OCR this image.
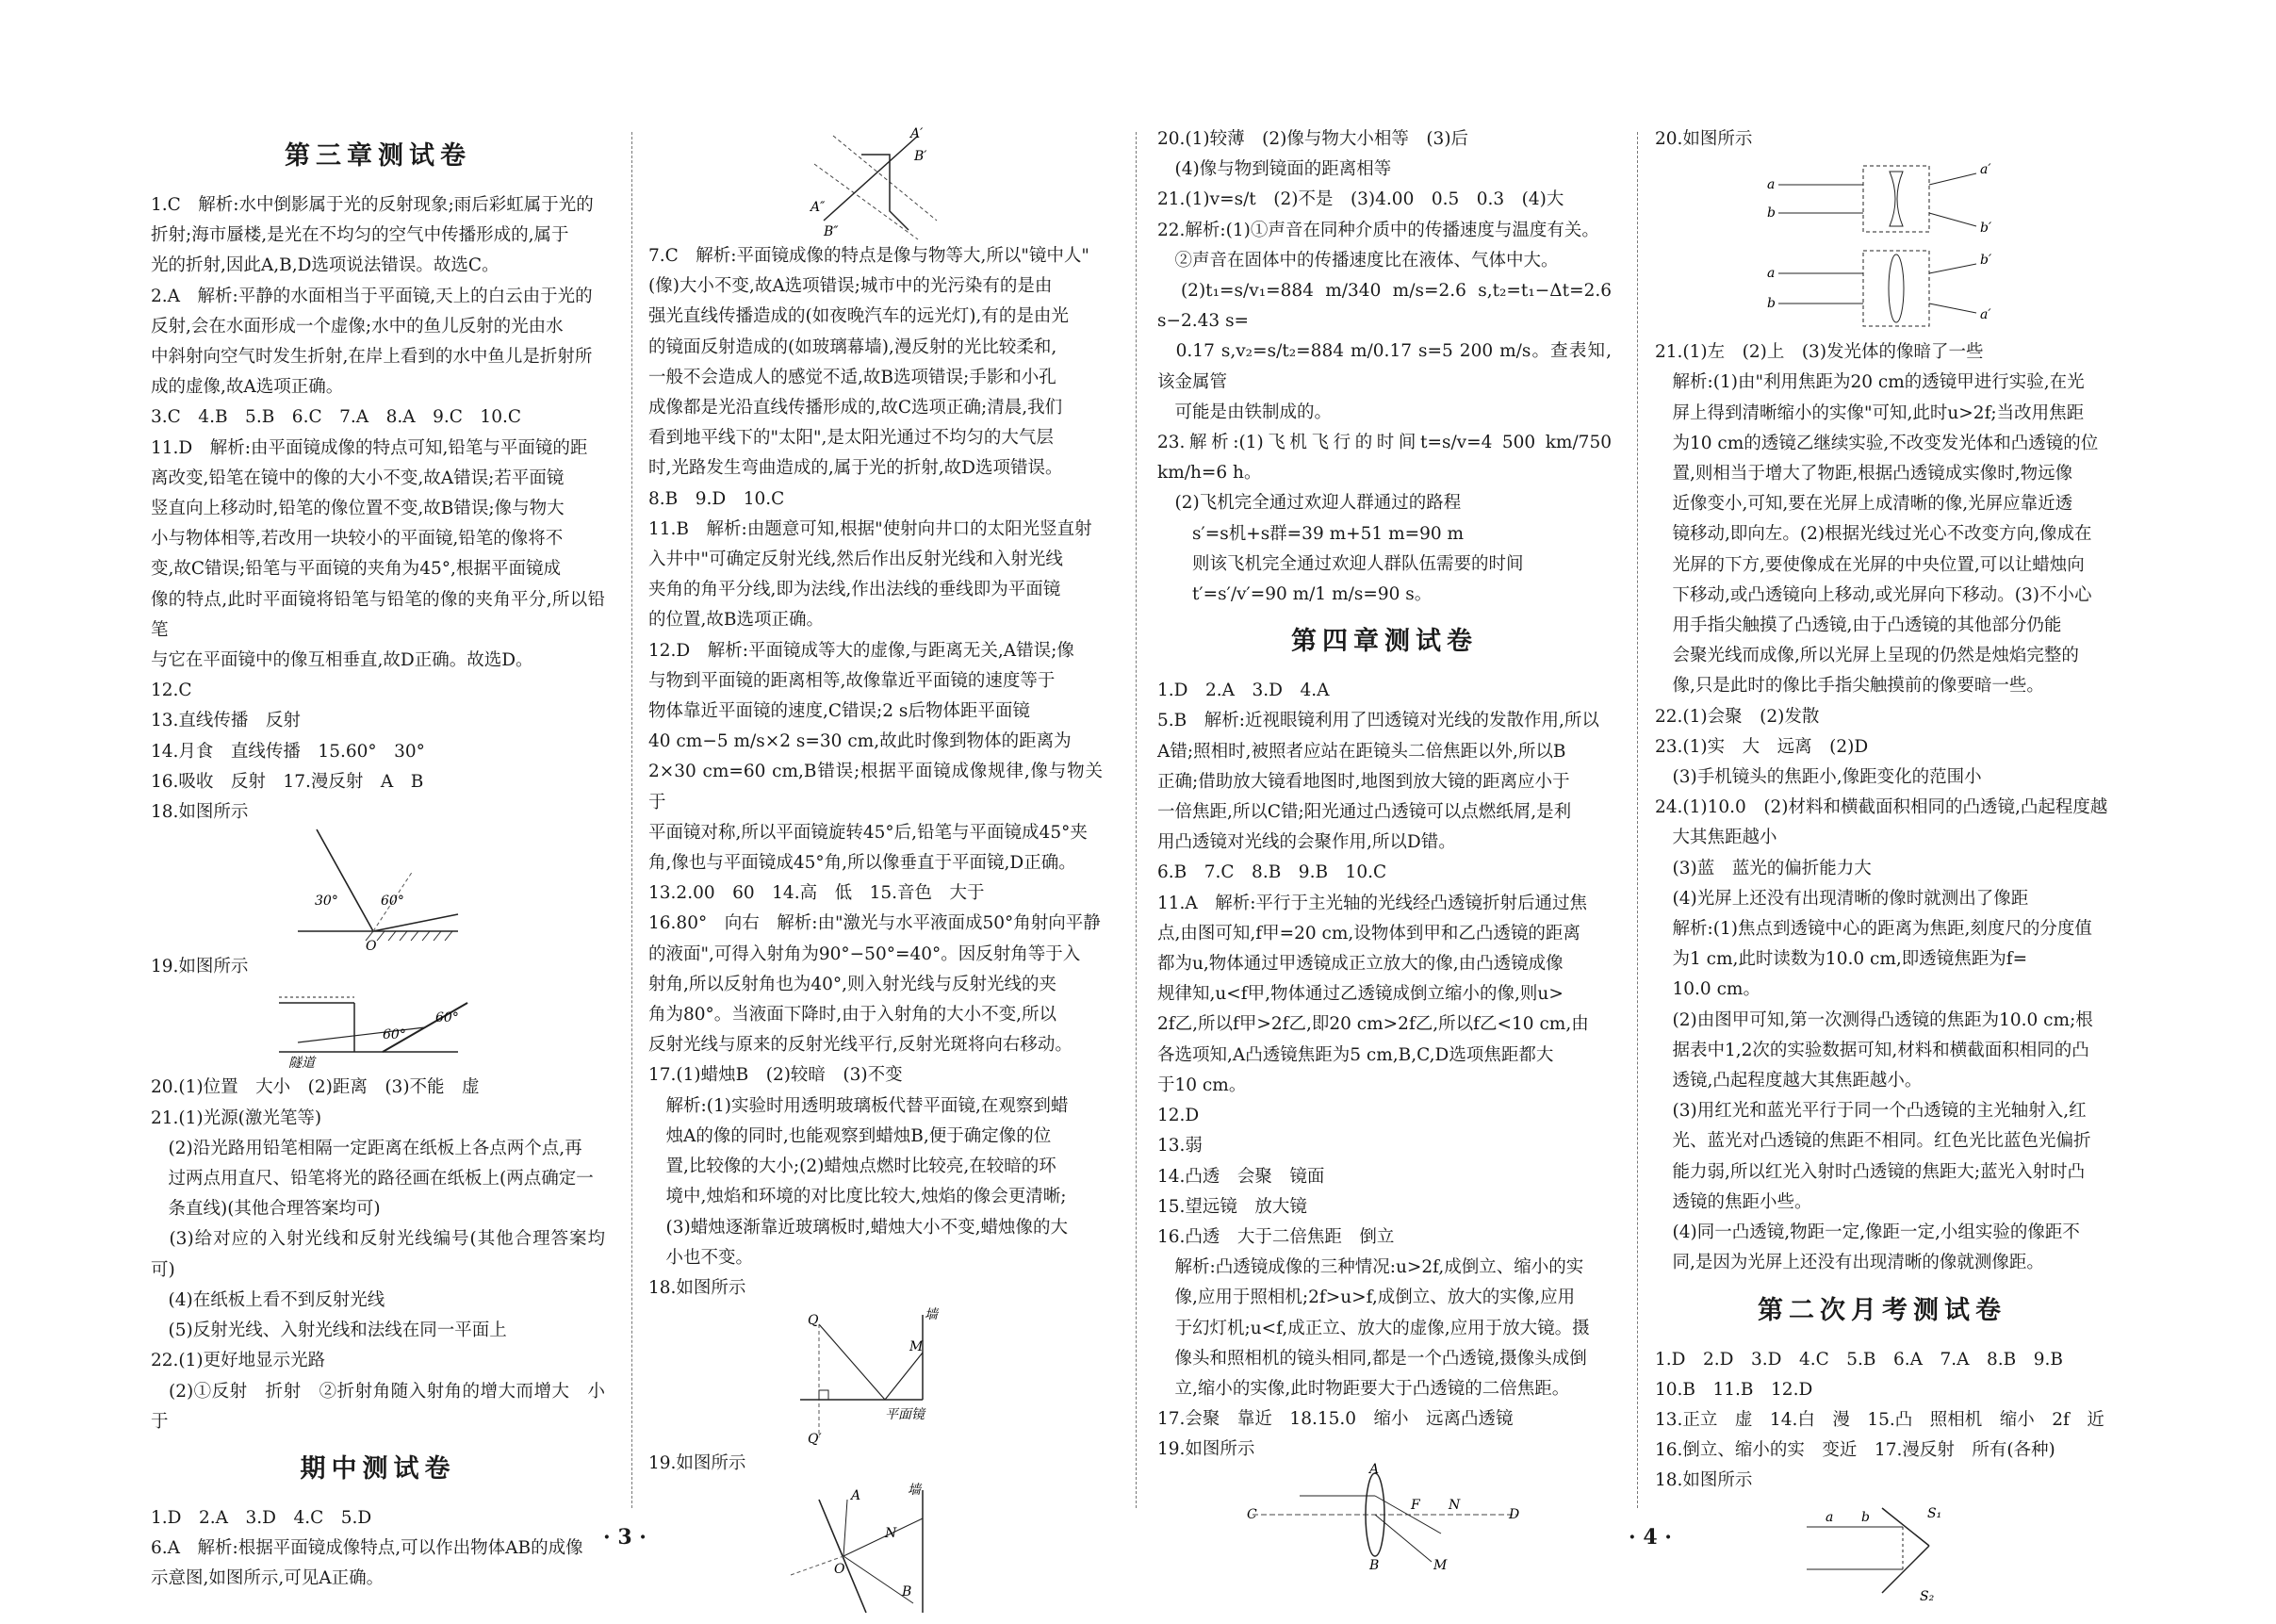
第三章测试卷
1.C　解析:水中倒影属于光的反射现象;雨后彩虹属于光的
折射;海市蜃楼,是光在不均匀的空气中传播形成的,属于
光的折射,因此A,B,D选项说法错误。故选C。
2.A　解析:平静的水面相当于平面镜,天上的白云由于光的
反射,会在水面形成一个虚像;水中的鱼儿反射的光由水
中斜射向空气时发生折射,在岸上看到的水中鱼儿是折射所
成的虚像,故A选项正确。
3.C　4.B　5.B　6.C　7.A　8.A　9.C　10.C
11.D　解析:由平面镜成像的特点可知,铅笔与平面镜的距
离改变,铅笔在镜中的像的大小不变,故A错误;若平面镜
竖直向上移动时,铅笔的像位置不变,故B错误;像与物大
小与物体相等,若改用一块较小的平面镜,铅笔的像将不
变,故C错误;铅笔与平面镜的夹角为45°,根据平面镜成
像的特点,此时平面镜将铅笔与铅笔的像的夹角平分,所以铅笔
与它在平面镜中的像互相垂直,故D正确。故选D。
12.C
13.直线传播　反射
14.月食　直线传播　15.60°　30°
16.吸收　反射　17.漫反射　A　B
18.如图所示
30°	60°
O
19.如图所示
60°
60°
隧道
20.(1)位置　大小　(2)距离　(3)不能　虚
21.(1)光源(激光笔等)
　(2)沿光路用铅笔相隔一定距离在纸板上各点两个点,再
　过两点用直尺、铅笔将光的路径画在纸板上(两点确定一
　条直线)(其他合理答案均可)
　(3)给对应的入射光线和反射光线编号(其他合理答案均可)
　(4)在纸板上看不到反射光线
　(5)反射光线、入射光线和法线在同一平面上
22.(1)更好地显示光路
　(2)①反射　折射　②折射角随入射角的增大而增大　小于
期中测试卷
1.D　2.A　3.D　4.C　5.D
6.A　解析:根据平面镜成像特点,可以作出物体AB的成像
示意图,如图所示,可见A正确。
A′
B′
A″
B″
7.C　解析:平面镜成像的特点是像与物等大,所以"镜中人"
(像)大小不变,故A选项错误;城市中的光污染有的是由
强光直线传播造成的(如夜晚汽车的远光灯),有的是由光
的镜面反射造成的(如玻璃幕墙),漫反射的光比较柔和,
一般不会造成人的感觉不适,故B选项错误;手影和小孔
成像都是光沿直线传播形成的,故C选项正确;清晨,我们
看到地平线下的"太阳",是太阳光通过不均匀的大气层
时,光路发生弯曲造成的,属于光的折射,故D选项错误。
8.B　9.D　10.C
11.B　解析:由题意可知,根据"使射向井口的太阳光竖直射
入井中"可确定反射光线,然后作出反射光线和入射光线
夹角的角平分线,即为法线,作出法线的垂线即为平面镜
的位置,故B选项正确。
12.D　解析:平面镜成等大的虚像,与距离无关,A错误;像
与物到平面镜的距离相等,故像靠近平面镜的速度等于
物体靠近平面镜的速度,C错误;2 s后物体距平面镜
40 cm−5 m/s×2 s=30 cm,故此时像到物体的距离为
2×30 cm=60 cm,B错误;根据平面镜成像规律,像与物关于
平面镜对称,所以平面镜旋转45°后,铅笔与平面镜成45°夹
角,像也与平面镜成45°角,所以像垂直于平面镜,D正确。
13.2.00　60　14.高　低　15.音色　大于
16.80°　向右　解析:由"激光与水平液面成50°角射向平静
的液面",可得入射角为90°−50°=40°。因反射角等于入
射角,所以反射角也为40°,则入射光线与反射光线的夹
角为80°。当液面下降时,由于入射角的大小不变,所以
反射光线与原来的反射光线平行,反射光斑将向右移动。
17.(1)蜡烛B　(2)较暗　(3)不变
　解析:(1)实验时用透明玻璃板代替平面镜,在观察到蜡
　烛A的像的同时,也能观察到蜡烛B,便于确定像的位
　置,比较像的大小;(2)蜡烛点燃时比较亮,在较暗的环
　境中,烛焰和环境的对比度比较大,烛焰的像会更清晰;
　(3)蜡烛逐渐靠近玻璃板时,蜡烛大小不变,蜡烛像的大
　小也不变。
18.如图所示
Q
Q′
M
墙
平面镜
19.如图所示
A
N
O
B
墙
20.(1)较薄　(2)像与物大小相等　(3)后
　(4)像与物到镜面的距离相等
21.(1)v=s/t　(2)不是　(3)4.00　0.5　0.3　(4)大
22.解析:(1)①声音在同种介质中的传播速度与温度有关。
　②声音在固体中的传播速度比在液体、气体中大。
　(2)t₁=s/v₁=884 m/340 m/s=2.6 s,t₂=t₁−Δt=2.6 s−2.43 s=
　0.17 s,v₂=s/t₂=884 m/0.17 s=5 200 m/s。查表知,该金属管
　可能是由铁制成的。
23.解析:(1)飞机飞行的时间t=s/v=4 500 km/750 km/h=6 h。
　(2)飞机完全通过欢迎人群通过的路程
　　s′=s机+s群=39 m+51 m=90 m
　　则该飞机完全通过欢迎人群队伍需要的时间
　　t′=s′/v′=90 m/1 m/s=90 s。
第四章测试卷
1.D　2.A　3.D　4.A
5.B　解析:近视眼镜利用了凹透镜对光线的发散作用,所以
A错;照相时,被照者应站在距镜头二倍焦距以外,所以B
正确;借助放大镜看地图时,地图到放大镜的距离应小于
一倍焦距,所以C错;阳光通过凸透镜可以点燃纸屑,是利
用凸透镜对光线的会聚作用,所以D错。
6.B　7.C　8.B　9.B　10.C
11.A　解析:平行于主光轴的光线经凸透镜折射后通过焦
点,由图可知,f甲=20 cm,设物体到甲和乙凸透镜的距离
都为u,物体通过甲透镜成正立放大的像,由凸透镜成像
规律知,u<f甲,物体通过乙透镜成倒立缩小的像,则u>
2f乙,所以f甲>2f乙,即20 cm>2f乙,所以f乙<10 cm,由
各选项知,A凸透镜焦距为5 cm,B,C,D选项焦距都大
于10 cm。
12.D
13.弱
14.凸透　会聚　镜面
15.望远镜　放大镜
16.凸透　大于二倍焦距　倒立
　解析:凸透镜成像的三种情况:u>2f,成倒立、缩小的实
　像,应用于照相机;2f>u>f,成倒立、放大的实像,应用
　于幻灯机;u<f,成正立、放大的虚像,应用于放大镜。摄
　像头和照相机的镜头相同,都是一个凸透镜,摄像头成倒
　立,缩小的实像,此时物距要大于凸透镜的二倍焦距。
17.会聚　靠近　18.15.0　缩小　远离凸透镜
19.如图所示
C
A
B
F N
D
M
20.如图所示
a
b
a′
b′
a
b
b′
a′
21.(1)左　(2)上　(3)发光体的像暗了一些
　解析:(1)由"利用焦距为20 cm的透镜甲进行实验,在光
　屏上得到清晰缩小的实像"可知,此时u>2f;当改用焦距
　为10 cm的透镜乙继续实验,不改变发光体和凸透镜的位
　置,则相当于增大了物距,根据凸透镜成实像时,物远像
　近像变小,可知,要在光屏上成清晰的像,光屏应靠近透
　镜移动,即向左。(2)根据光线过光心不改变方向,像成在
　光屏的下方,要使像成在光屏的中央位置,可以让蜡烛向
　下移动,或凸透镜向上移动,或光屏向下移动。(3)不小心
　用手指尖触摸了凸透镜,由于凸透镜的其他部分仍能
　会聚光线而成像,所以光屏上呈现的仍然是烛焰完整的
　像,只是此时的像比手指尖触摸前的像要暗一些。
22.(1)会聚　(2)发散
23.(1)实　大　远离　(2)D
　(3)手机镜头的焦距小,像距变化的范围小
24.(1)10.0　(2)材料和横截面积相同的凸透镜,凸起程度越
　大其焦距越小
　(3)蓝　蓝光的偏折能力大
　(4)光屏上还没有出现清晰的像时就测出了像距
　解析:(1)焦点到透镜中心的距离为焦距,刻度尺的分度值
　为1 cm,此时读数为10.0 cm,即透镜焦距为f=
　10.0 cm。
　(2)由图甲可知,第一次测得凸透镜的焦距为10.0 cm;根
　据表中1,2次的实验数据可知,材料和横截面积相同的凸
　透镜,凸起程度越大其焦距越小。
　(3)用红光和蓝光平行于同一个凸透镜的主光轴射入,红
　光、蓝光对凸透镜的焦距不相同。红色光比蓝色光偏折
　能力弱,所以红光入射时凸透镜的焦距大;蓝光入射时凸
　透镜的焦距小些。
　(4)同一凸透镜,物距一定,像距一定,小组实验的像距不
　同,是因为光屏上还没有出现清晰的像就测像距。
第二次月考测试卷
1.D　2.D　3.D　4.C　5.B　6.A　7.A　8.B　9.B
10.B　11.B　12.D
13.正立　虚　14.白　漫　15.凸　照相机　缩小　2f　近
16.倒立、缩小的实　变近　17.漫反射　所有(各种)
18.如图所示
a b	S₁
S₂
· 3 ·	· 4 ·
